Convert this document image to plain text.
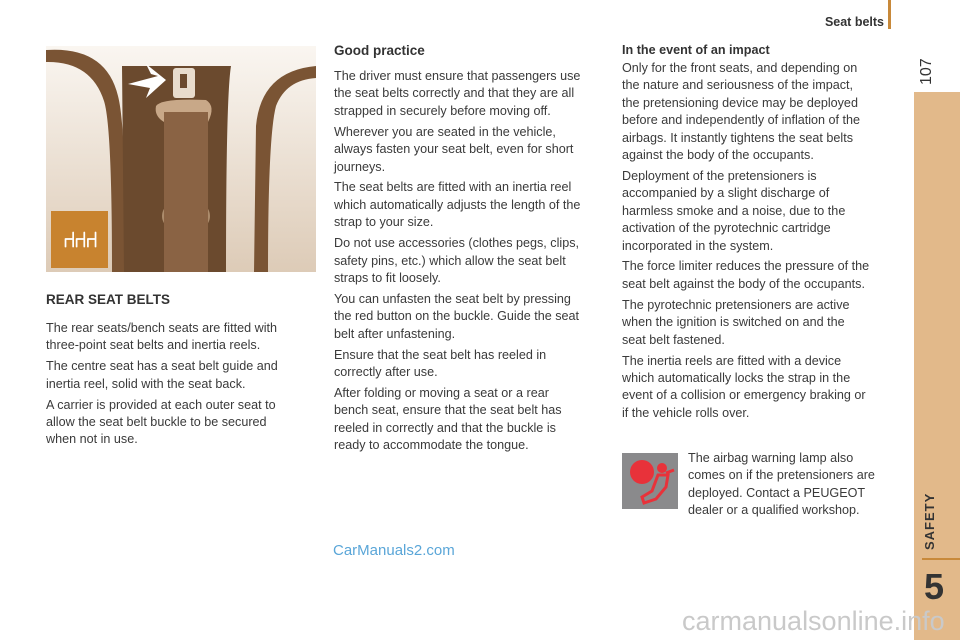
Seat belts
107
SAFETY
5
⑁⑁⑁
REAR SEAT BELTS
The rear seats/bench seats are fitted with
three-point seat belts and inertia reels.
The centre seat has a seat belt guide and
inertia reel, solid with the seat back.
A carrier is provided at each outer seat to
allow the seat belt buckle to be secured
when not in use.
Good practice
The driver must ensure that passengers use
the seat belts correctly and that they are all
strapped in securely before moving off.
Wherever you are seated in the vehicle,
always fasten your seat belt, even for short
journeys.
The seat belts are fitted with an inertia reel
which automatically adjusts the length of the
strap to your size.
Do not use accessories (clothes pegs, clips,
safety pins, etc.) which allow the seat belt
straps to fit loosely.
You can unfasten the seat belt by pressing
the red button on the buckle. Guide the seat
belt after unfastening.
Ensure that the seat belt has reeled in
correctly after use.
After folding or moving a seat or a rear
bench seat, ensure that the seat belt has
reeled in correctly and that the buckle is
ready to accommodate the tongue.
In the event of an impact
Only for the front seats, and depending on
the nature and seriousness of the impact,
the pretensioning device may be deployed
before and independently of inflation of the
airbags. It instantly tightens the seat belts
against the body of the occupants.
Deployment of the pretensioners is
accompanied by a slight discharge of
harmless smoke and a noise, due to the
activation of the pyrotechnic cartridge
incorporated in the system.
The force limiter reduces the pressure of the
seat belt against the body of the occupants.
The pyrotechnic pretensioners are active
when the ignition is switched on and the
seat belt fastened.
The inertia reels are fitted with a device
which automatically locks the strap in the
event of a collision or emergency braking or
if the vehicle rolls over.
The airbag warning lamp also
comes on if the pretensioners are
deployed. Contact a PEUGEOT
dealer or a qualified workshop.
CarManuals2.com
carmanualsonline.info
